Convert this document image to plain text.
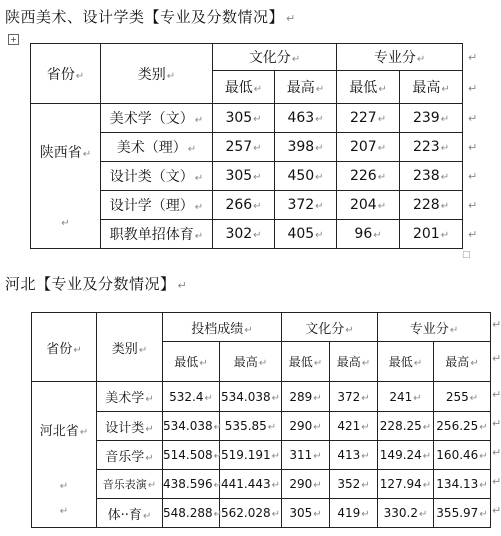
陕西美术、设计学类【专业及分数情况】 ↵
+
省份↵	类别↵	文化分↵		专业分↵	
		最低↵	最高↵	最低↵	最高↵
陕西省↵
↵	美术学（文）↵	305↵	463↵	227↵	239↵
	美术（理）↵	257↵	398↵	207↵	223↵
	设计类（文）↵	305↵	450↵	226↵	238↵
	设计学（理）↵	266↵	372↵	204↵	228↵
	职教单招体育↵	302↵	405↵	96↵	201↵
↵
↵
↵
↵
↵
↵
↵
□
河北【专业及分数情况】 ↵
省份↵	类别↵	投档成绩↵		文化分↵		专业分↵	
		最低↵	最高↵	最低↵	最高↵	最低↵	最高↵
河北省↵
↵
↵	美术学↵	532.4↵	534.038↵	289↵	372↵	241↵	255↵
	设计类↵	534.038↵	535.85↵	290↵	421↵	228.25↵	256.25↵
	音乐学↵	514.508↵	519.191↵	311↵	413↵	149.24↵	160.46↵
	音乐表演↵	438.596↵	441.443↵	290↵	352↵	127.94↵	134.13↵
	体··育↵	548.288↵	562.028↵	305↵	419↵	330.2↵	355.97↵
↵
↵
↵
↵
↵
↵
↵
